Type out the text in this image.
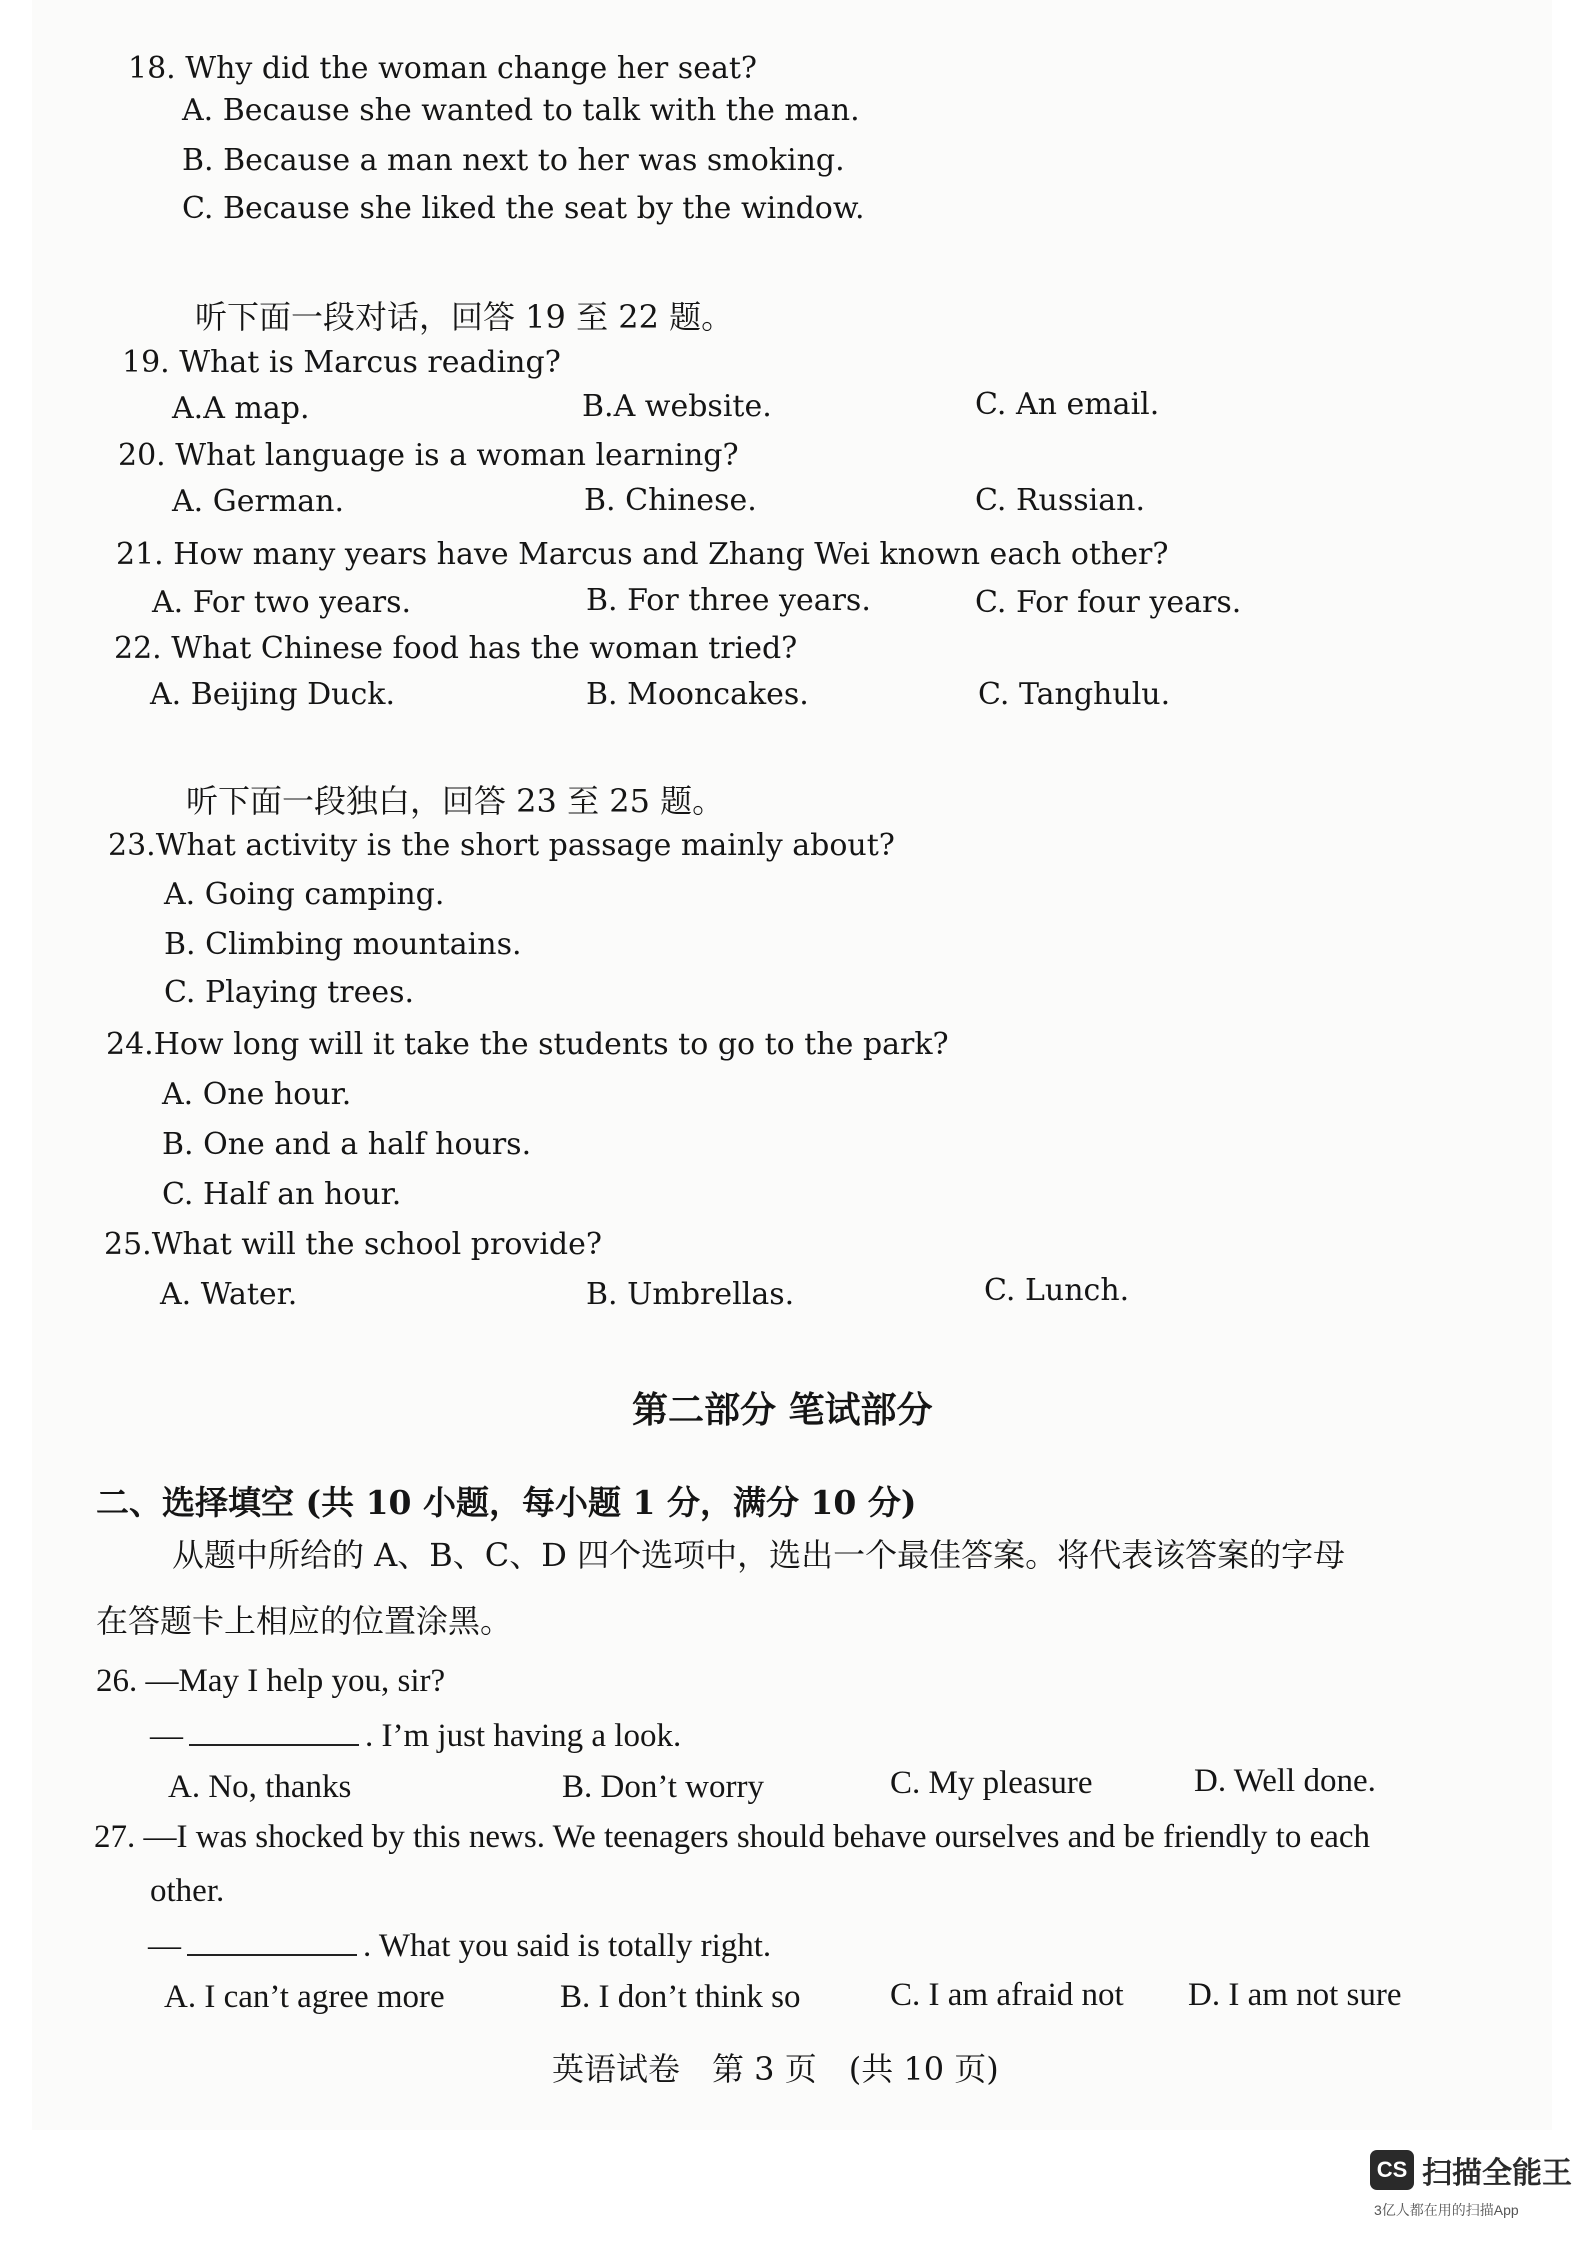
18. Why did the woman change her seat?
A. Because she wanted to talk with the man.
B. Because a man next to her was smoking.
C. Because she liked the seat by the window.
听下面一段对话，回答 19 至 22 题。
19. What is Marcus reading?
A.A map.	B.A website.	C. An email.
20. What language is a woman learning?
A. German.	B. Chinese.	C. Russian.
21. How many years have Marcus and Zhang Wei known each other?
A. For two years.	B. For three years.	C. For four years.
22. What Chinese food has the woman tried?
A. Beijing Duck.	B. Mooncakes.	C. Tanghulu.
听下面一段独白，回答 23 至 25 题。
23.What activity is the short passage mainly about?
A. Going camping.
B. Climbing mountains.
C. Playing trees.
24.How long will it take the students to go to the park?
A. One hour.
B. One and a half hours.
C. Half an hour.
25.What will the school provide?
A. Water.	B. Umbrellas.	C. Lunch.
第二部分 笔试部分
二、选择填空 (共 10 小题，每小题 1 分，满分 10 分)
从题中所给的 A、B、C、D 四个选项中，选出一个最佳答案。将代表该答案的字母
在答题卡上相应的位置涂黑。
26. —May I help you, sir?
—	. I’m just having a look.
A. No, thanks	B. Don’t worry	C. My pleasure	D. Well done.
27. —I was shocked by this news. We teenagers should behave ourselves and be friendly to each
other.
—	. What you said is totally right.
A. I can’t agree more	B. I don’t think so	C. I am afraid not D. I am not sure
英语试卷　第 3 页　(共 10 页)
CS 扫描全能王
3亿人都在用的扫描App
